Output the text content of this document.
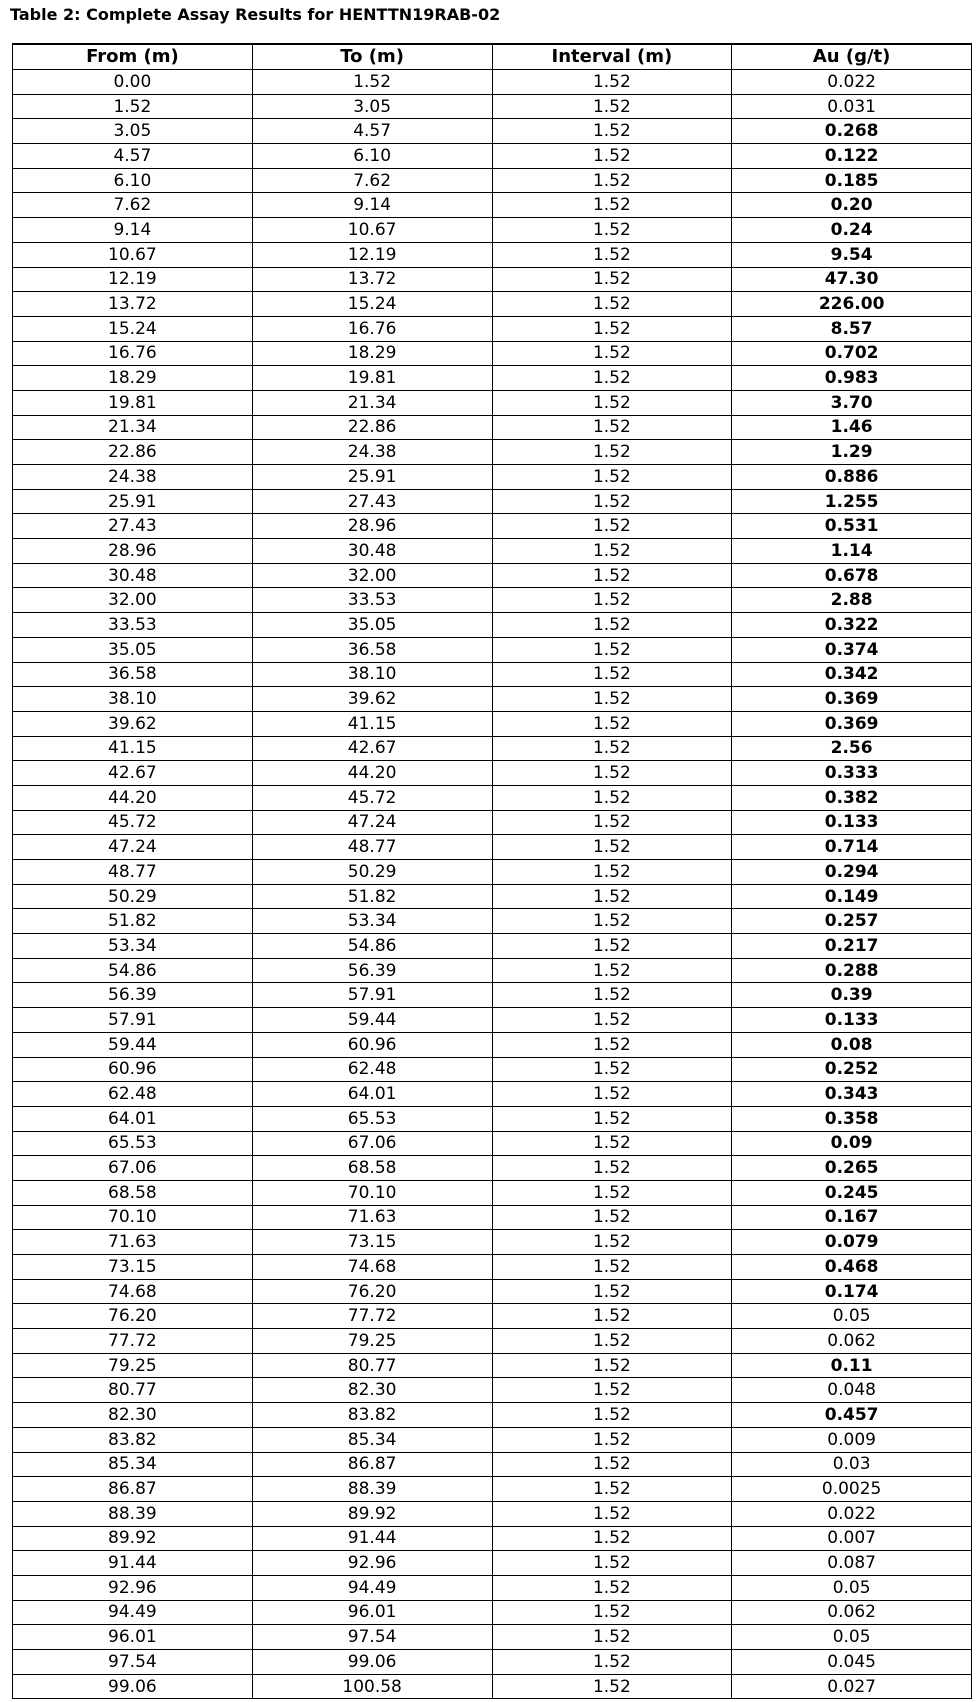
Table 2: Complete Assay Results for HENTTN19RAB-02
From (m)	To (m)	Interval (m)	Au (g/t)
0.00	1.52	1.52	0.022
1.52	3.05	1.52	0.031
3.05	4.57	1.52	0.268
4.57	6.10	1.52	0.122
6.10	7.62	1.52	0.185
7.62	9.14	1.52	0.20
9.14	10.67	1.52	0.24
10.67	12.19	1.52	9.54
12.19	13.72	1.52	47.30
13.72	15.24	1.52	226.00
15.24	16.76	1.52	8.57
16.76	18.29	1.52	0.702
18.29	19.81	1.52	0.983
19.81	21.34	1.52	3.70
21.34	22.86	1.52	1.46
22.86	24.38	1.52	1.29
24.38	25.91	1.52	0.886
25.91	27.43	1.52	1.255
27.43	28.96	1.52	0.531
28.96	30.48	1.52	1.14
30.48	32.00	1.52	0.678
32.00	33.53	1.52	2.88
33.53	35.05	1.52	0.322
35.05	36.58	1.52	0.374
36.58	38.10	1.52	0.342
38.10	39.62	1.52	0.369
39.62	41.15	1.52	0.369
41.15	42.67	1.52	2.56
42.67	44.20	1.52	0.333
44.20	45.72	1.52	0.382
45.72	47.24	1.52	0.133
47.24	48.77	1.52	0.714
48.77	50.29	1.52	0.294
50.29	51.82	1.52	0.149
51.82	53.34	1.52	0.257
53.34	54.86	1.52	0.217
54.86	56.39	1.52	0.288
56.39	57.91	1.52	0.39
57.91	59.44	1.52	0.133
59.44	60.96	1.52	0.08
60.96	62.48	1.52	0.252
62.48	64.01	1.52	0.343
64.01	65.53	1.52	0.358
65.53	67.06	1.52	0.09
67.06	68.58	1.52	0.265
68.58	70.10	1.52	0.245
70.10	71.63	1.52	0.167
71.63	73.15	1.52	0.079
73.15	74.68	1.52	0.468
74.68	76.20	1.52	0.174
76.20	77.72	1.52	0.05
77.72	79.25	1.52	0.062
79.25	80.77	1.52	0.11
80.77	82.30	1.52	0.048
82.30	83.82	1.52	0.457
83.82	85.34	1.52	0.009
85.34	86.87	1.52	0.03
86.87	88.39	1.52	0.0025
88.39	89.92	1.52	0.022
89.92	91.44	1.52	0.007
91.44	92.96	1.52	0.087
92.96	94.49	1.52	0.05
94.49	96.01	1.52	0.062
96.01	97.54	1.52	0.05
97.54	99.06	1.52	0.045
99.06	100.58	1.52	0.027
